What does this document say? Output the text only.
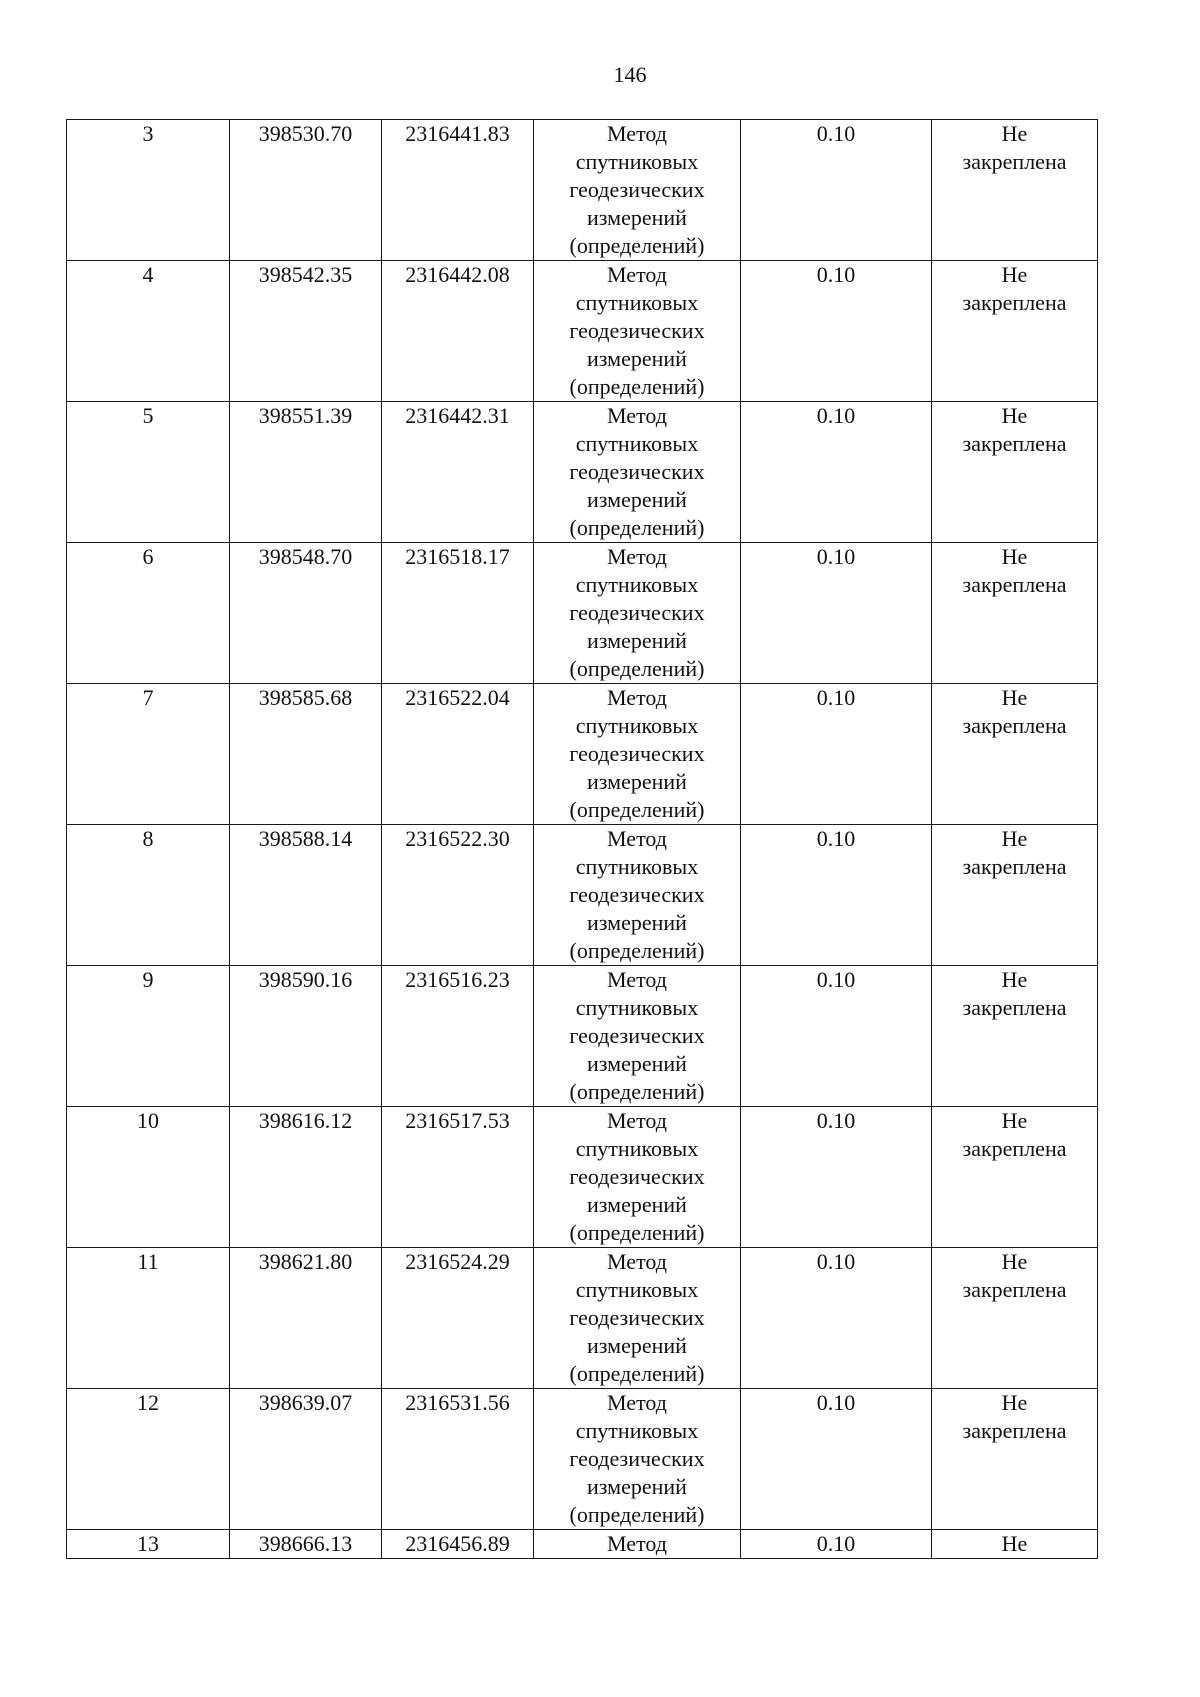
146
3	398530.70	2316441.83	Метод
спутниковых
геодезических
измерений
(определений)	0.10	Не
закреплена

4	398542.35	2316442.08	Метод
спутниковых
геодезических
измерений
(определений)	0.10	Не
закреплена

5	398551.39	2316442.31	Метод
спутниковых
геодезических
измерений
(определений)	0.10	Не
закреплена

6	398548.70	2316518.17	Метод
спутниковых
геодезических
измерений
(определений)	0.10	Не
закреплена

7	398585.68	2316522.04	Метод
спутниковых
геодезических
измерений
(определений)	0.10	Не
закреплена

8	398588.14	2316522.30	Метод
спутниковых
геодезических
измерений
(определений)	0.10	Не
закреплена

9	398590.16	2316516.23	Метод
спутниковых
геодезических
измерений
(определений)	0.10	Не
закреплена

10	398616.12	2316517.53	Метод
спутниковых
геодезических
измерений
(определений)	0.10	Не
закреплена

11	398621.80	2316524.29	Метод
спутниковых
геодезических
измерений
(определений)	0.10	Не
закреплена

12	398639.07	2316531.56	Метод
спутниковых
геодезических
измерений
(определений)	0.10	Не
закреплена

13	398666.13	2316456.89	Метод	0.10	Не
